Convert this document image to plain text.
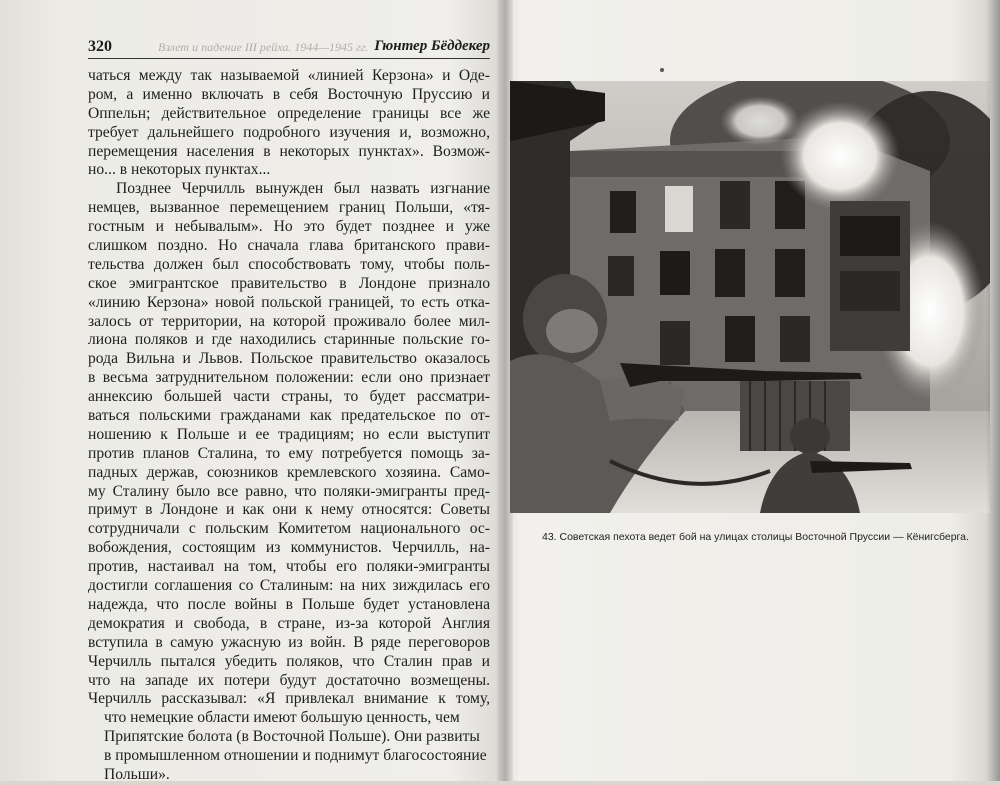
320	Взлет и падение III рейха. 1944—1945 гг. Гюнтер Бёддекер
чаться между так называемой «линией Керзона» и Оде-
ром, а именно включать в себя Восточную Пруссию и
Оппельн; действительное определение границы все же
требует дальнейшего подробного изучения и, возможно,
перемещения населения в некоторых пунктах». Возмож-
но... в некоторых пунктах...
Позднее Черчилль вынужден был назвать изгнание
немцев, вызванное перемещением границ Польши, «тя-
гостным и небывалым». Но это будет позднее и уже
слишком поздно. Но сначала глава британского прави-
тельства должен был способствовать тому, чтобы поль-
ское эмигрантское правительство в Лондоне признало
«линию Керзона» новой польской границей, то есть отка-
залось от территории, на которой проживало более мил-
лиона поляков и где находились старинные польские го-
рода Вильна и Львов. Польское правительство оказалось
в весьма затруднительном положении: если оно признает
аннексию большей части страны, то будет рассматри-
ваться польскими гражданами как предательское по от-
ношению к Польше и ее традициям; но если выступит
против планов Сталина, то ему потребуется помощь за-
падных держав, союзников кремлевского хозяина. Само-
му Сталину было все равно, что поляки-эмигранты пред-
примут в Лондоне и как они к нему относятся: Советы
сотрудничали с польским Комитетом национального ос-
вобождения, состоящим из коммунистов. Черчилль, на-
против, настаивал на том, чтобы его поляки-эмигранты
достигли соглашения со Сталиным: на них зиждилась его
надежда, что после войны в Польше будет установлена
демократия и свобода, в стране, из-за которой Англия
вступила в самую ужасную из войн. В ряде переговоров
Черчилль пытался убедить поляков, что Сталин прав и
что на западе их потери будут достаточно возмещены.
Черчилль рассказывал: «Я привлекал внимание к тому,
что немецкие области имеют большую ценность, чем
Припятские болота (в Восточной Польше). Они развиты
в промышленном отношении и поднимут благосостояние
Польши».
43. Советская пехота ведет бой на улицах столицы Восточной Пруссии — Кёнигсберга.
